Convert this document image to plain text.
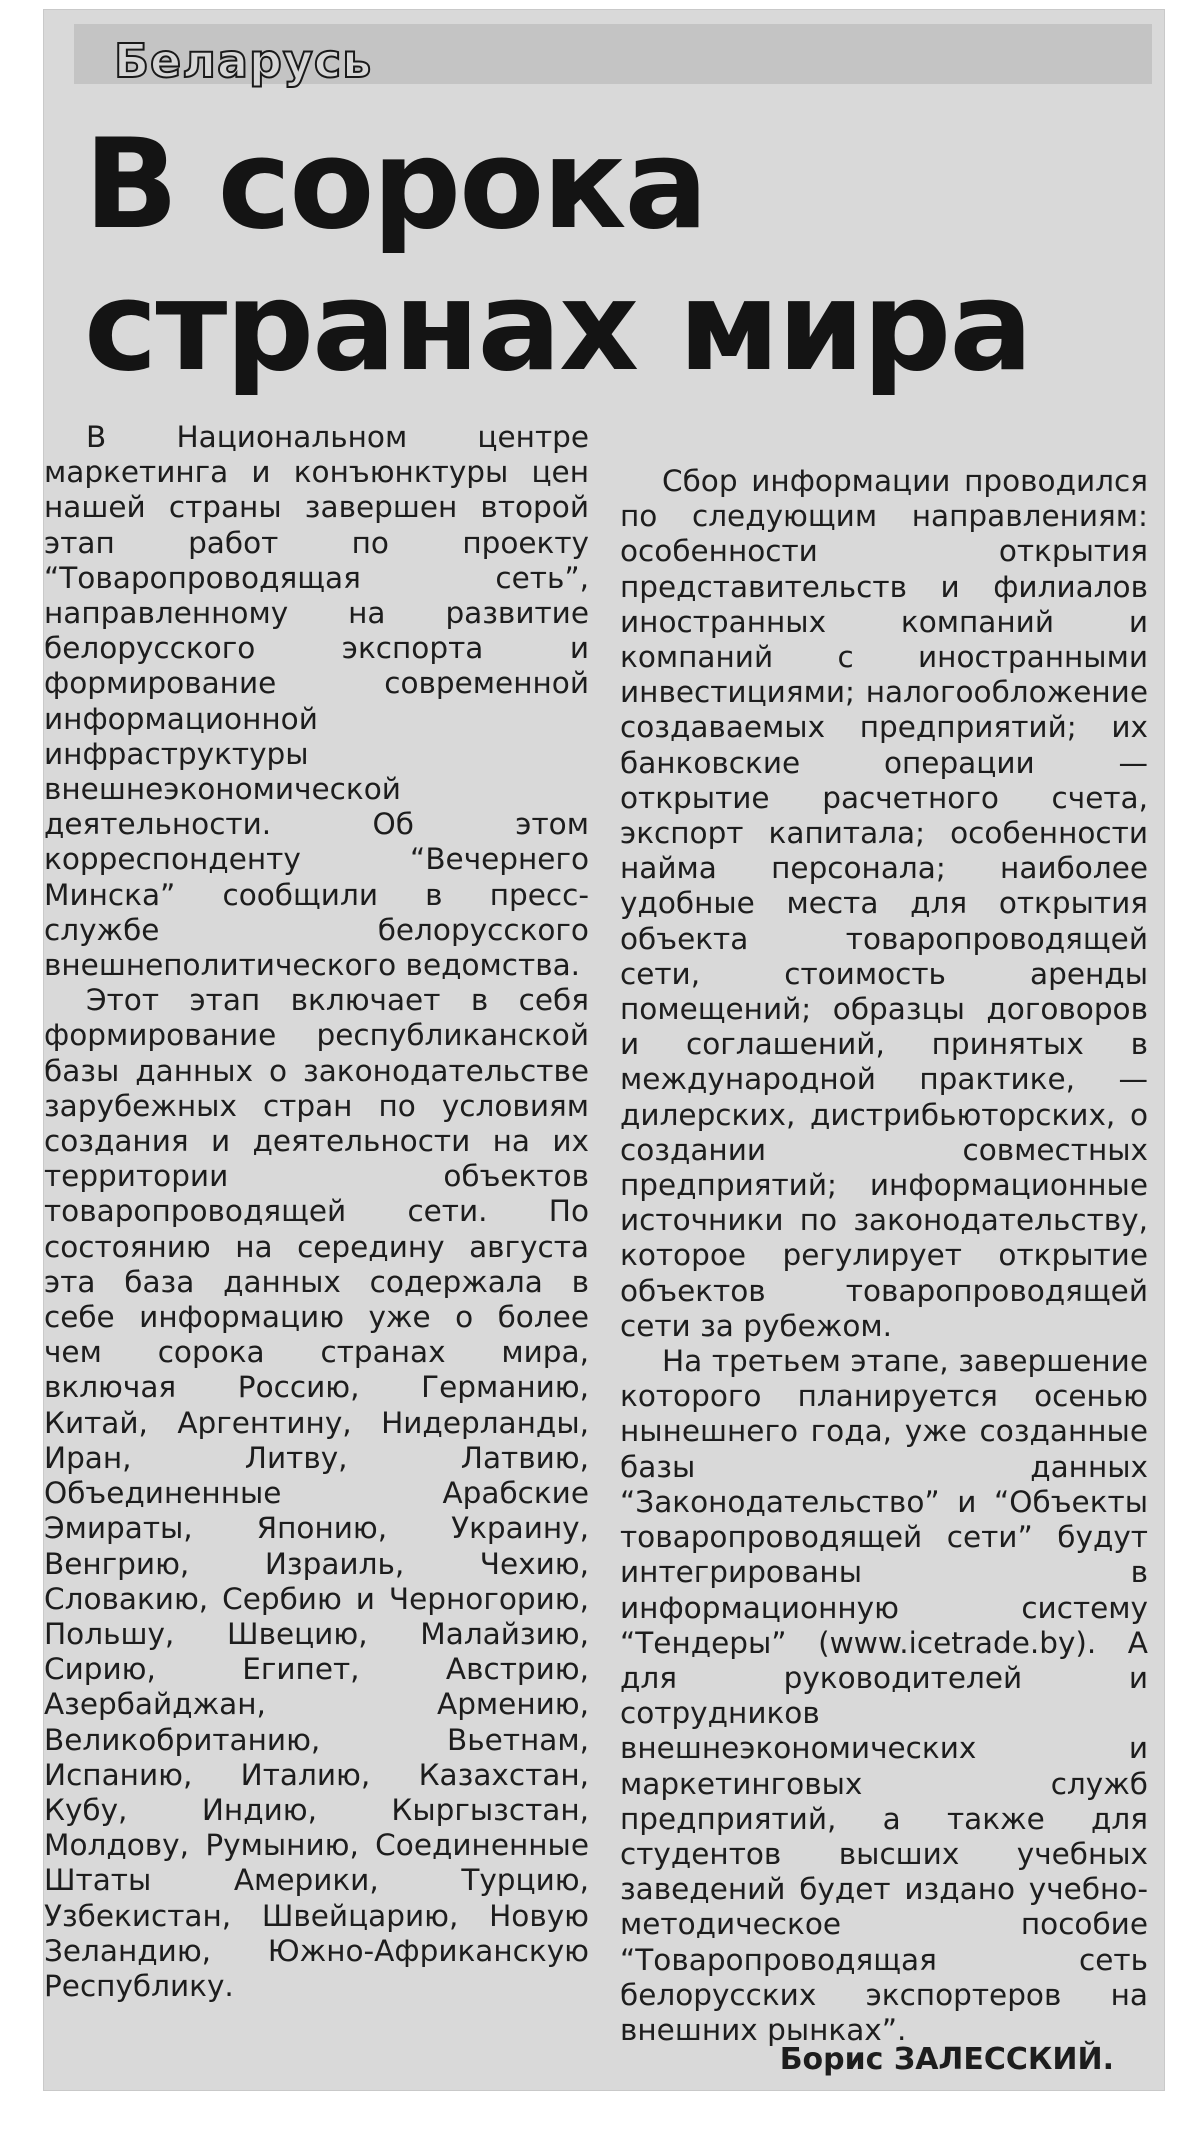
Беларусь
В сорока
странах мира

В Национальном центре маркетинга и конъюнктуры цен нашей страны завершен второй этап работ по проекту “Товаропроводящая сеть”, направленному на развитие белорусского экспорта и формирование современной информационной инфраструктуры внешнеэкономической деятельности. Об этом корреспонденту “Вечернего Минска” сообщили в пресс-службе белорусского внешнеполитического ведомства.

Этот этап включает в себя формирование республиканской базы данных о законодательстве зарубежных стран по условиям создания и деятельности на их территории объектов товаропроводящей сети. По состоянию на середину августа эта база данных содержала в себе информацию уже о более чем сорока странах мира, включая Россию, Германию, Китай, Аргентину, Нидерланды, Иран, Литву, Латвию, Объединенные Арабские Эмираты, Японию, Украину, Венгрию, Израиль, Чехию, Словакию, Сербию и Черногорию, Польшу, Швецию, Малайзию, Сирию, Египет, Австрию, Азербайджан, Армению, Великобританию, Вьетнам, Испанию, Италию, Казахстан, Кубу, Индию, Кыргызстан, Молдову, Румынию, Соединенные Штаты Америки, Турцию, Узбекистан, Швейцарию, Новую Зеландию, Южно-Африканскую Республику.

Сбор информации проводился по следующим направлениям: особенности открытия представительств и филиалов иностранных компаний и компаний с иностранными инвестициями; налогообложение создаваемых предприятий; их банковские операции — открытие расчетного счета, экспорт капитала; особенности найма персонала; наиболее удобные места для открытия объекта товаропроводящей сети, стоимость аренды помещений; образцы договоров и соглашений, принятых в международной практике, — дилерских, дистрибьюторских, о создании совместных предприятий; информационные источники по законодательству, которое регулирует открытие объектов товаропроводящей сети за рубежом.

На третьем этапе, завершение которого планируется осенью нынешнего года, уже созданные базы данных “Законодательство” и “Объекты товаропроводящей сети” будут интегрированы в информационную систему “Тендеры” (www.icetrade.by). А для руководителей и сотрудников внешнеэкономических и маркетинговых служб предприятий, а также для студентов высших учебных заведений будет издано учебно-методическое пособие “Товаропроводящая сеть белорусских экспортеров на внешних рынках”.

Борис ЗАЛЕССКИЙ.
